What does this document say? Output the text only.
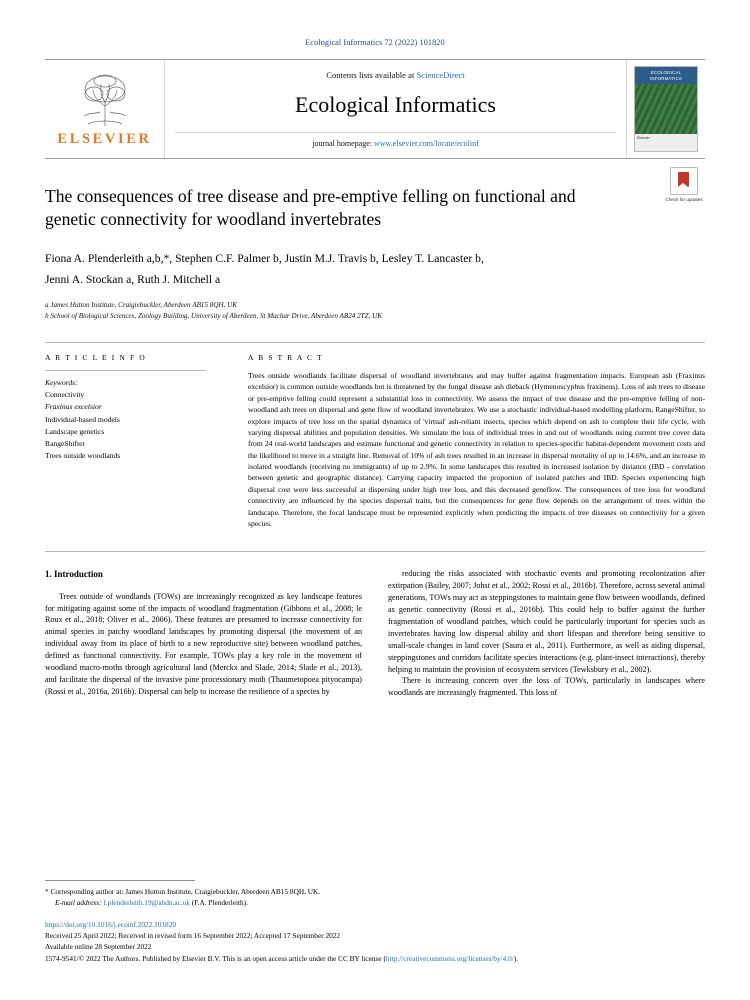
Ecological Informatics 72 (2022) 101820
ELSEVIER
Contents lists available at ScienceDirect
Ecological Informatics
journal homepage: www.elsevier.com/locate/ecolinf
ECOLOGICAL INFORMATICS
Elsevier
Check for updates
The consequences of tree disease and pre-emptive felling on functional and genetic connectivity for woodland invertebrates
Fiona A. Plenderleith a,b,*, Stephen C.F. Palmer b, Justin M.J. Travis b, Lesley T. Lancaster b,
Jenni A. Stockan a, Ruth J. Mitchell a
a James Hutton Institute, Craigiebuckler, Aberdeen AB15 8QH, UK
b School of Biological Sciences, Zoology Building, University of Aberdeen, St Machar Drive, Aberdeen AB24 2TZ, UK
A R T I C L E I N F O
Keywords:
Connectivity
Fraxinus excelsior
Individual-based models
Landscape genetics
RangeShifter
Trees outside woodlands
A B S T R A C T
Trees outside woodlands facilitate dispersal of woodland invertebrates and may buffer against fragmentation impacts. European ash (Fraxinus excelsior) is common outside woodlands but is threatened by the fungal disease ash dieback (Hymenoscyphus fraxineus). Loss of ash trees to disease or pre-emptive felling could represent a substantial loss in connectivity. We assess the impact of tree disease and the pre-emptive felling of non-woodland ash trees on dispersal and gene flow of woodland invertebrates. We use a stochastic individual-based modelling platform, RangeShifter, to explore impacts of tree loss on the spatial dynamics of 'virtual' ash-reliant insects, species which depend on ash to complete their life cycle, with varying dispersal abilities and population densities. We simulate the loss of individual trees in and out of woodlands using current tree cover data from 24 real-world landscapes and estimate functional and genetic connectivity in relation to species-specific habitat-dependent movement costs and the likelihood to move in a straight line. Removal of 10% of ash trees resulted in an increase in dispersal mortality of up to 14.6%, and an increase in isolated woodlands (receiving no immigrants) of up to 2.9%. In some landscapes this resulted in increased isolation by distance (IBD - correlation between genetic and geographic distance). Carrying capacity impacted the proportion of isolated patches and IBD. Species experiencing high dispersal cost were less successful at dispersing under high tree loss, and this decreased geneflow. The consequences of tree loss for woodland connectivity are influenced by the species dispersal traits, but the consequences for gene flow depends on the arrangement of trees within the landscape. Therefore, the focal landscape must be represented explicitly when predicting the impacts of tree diseases on connectivity for a given species.
1. Introduction

Trees outside of woodlands (TOWs) are increasingly recognized as key landscape features for mitigating against some of the impacts of woodland fragmentation (Gibbons et al., 2008; le Roux et al., 2018; Oliver et al., 2006). These features are presumed to increase connectivity for animal species in patchy woodland landscapes by promoting dispersal (the movement of an individual away from its place of birth to a new reproductive site) between woodland patches, defined as functional connectivity. For example, TOWs play a key role in the movement of woodland macro-moths through agricultural land (Merckx and Slade, 2014; Slade et al., 2013), and facilitate the dispersal of the invasive pine processionary moth (Thaumetopoea pityocampa) (Rossi et al., 2016a, 2016b). Dispersal can help to increase the resilience of a species by

reducing the risks associated with stochastic events and promoting recolonization after extirpation (Bailey, 2007; Johst et al., 2002; Rossi et al., 2016b). Therefore, across several animal generations, TOWs may act as steppingstones to maintain gene flow between woodlands, defined as genetic connectivity (Rossi et al., 2016b). This could help to buffer against the further fragmentation of woodland patches, which could be particularly important for species such as invertebrates having low dispersal ability and short lifespan and therefore being sensitive to small-scale changes in land cover (Saura et al., 2011). Furthermore, as well as aiding dispersal, steppingstones and corridors facilitate species interactions (e.g. plant-insect interactions), thereby helping to maintain the provision of ecosystem services (Tewksbury et al., 2002).

There is increasing concern over the loss of TOWs, particularly in landscapes where woodlands are increasingly fragmented. This loss of

* Corresponding author at: James Hutton Institute, Craigiebuckler, Aberdeen AB15 8QH, UK.
E-mail address: f.plenderleith.19@abdn.ac.uk (F.A. Plenderleith).
https://doi.org/10.1016/j.ecoinf.2022.101820
Received 25 April 2022; Received in revised form 16 September 2022; Accepted 17 September 2022
Available online 28 September 2022
1574-9541/© 2022 The Authors. Published by Elsevier B.V. This is an open access article under the CC BY license (http://creativecommons.org/licenses/by/4.0/).
